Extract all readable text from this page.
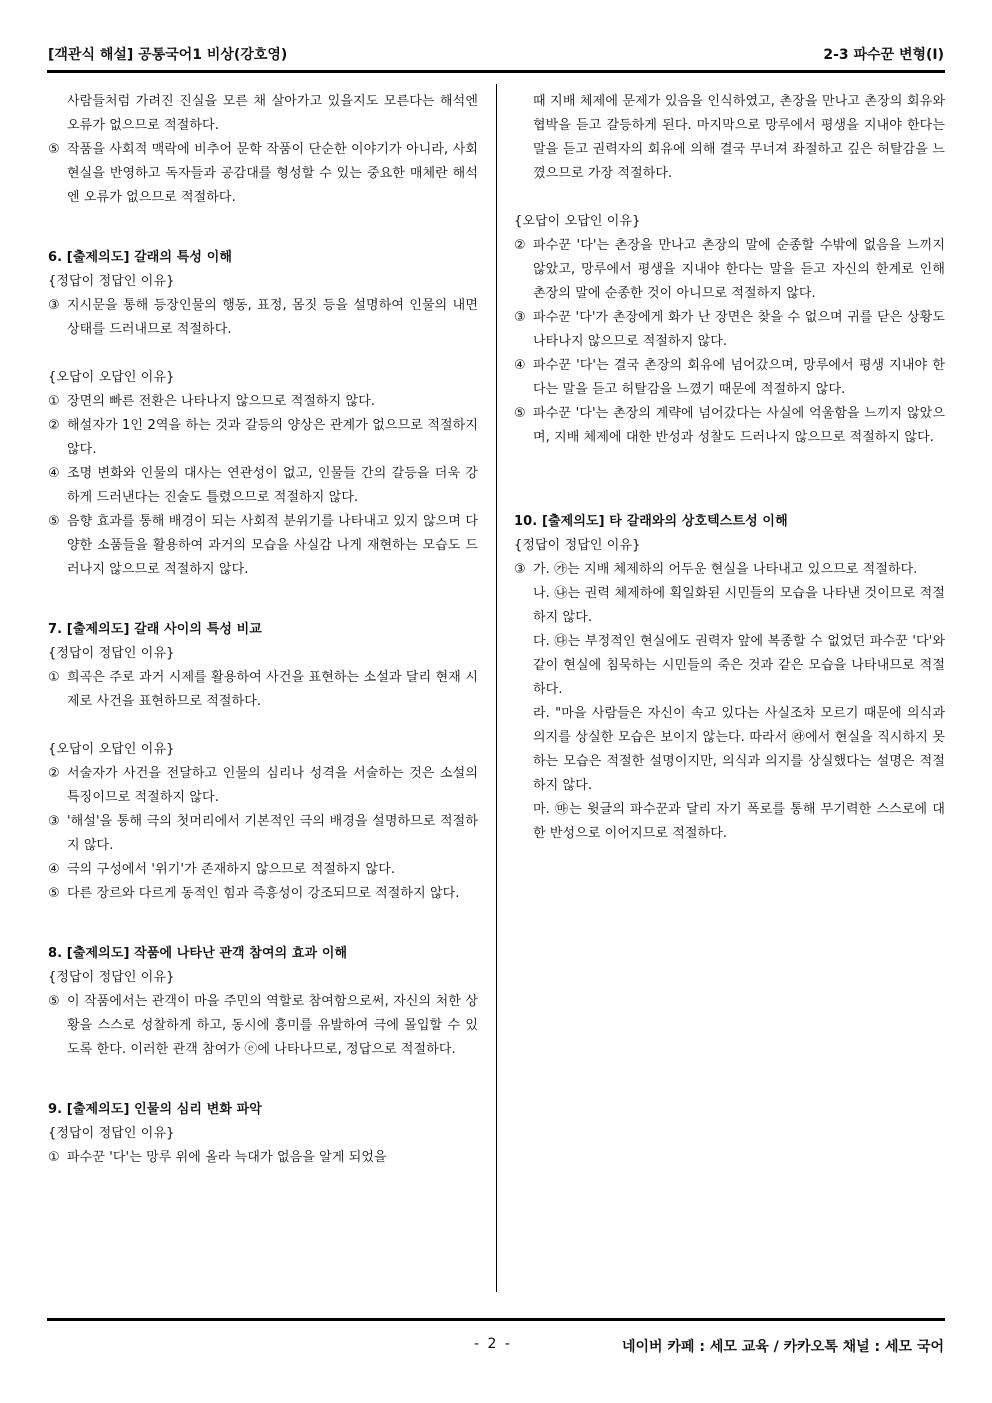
[객관식 해설] 공통국어1 비상(강호영)	2-3 파수꾼 변형(I)

사람들처럼 가려진 진실을 모른 채 살아가고 있을지도 모른다는 해석엔 오류가 없으므로 적절하다.

⑤ 작품을 사회적 맥락에 비추어 문학 작품이 단순한 이야기가 아니라, 사회 현실을 반영하고 독자들과 공감대를 형성할 수 있는 중요한 매체란 해석엔 오류가 없으므로 적절하다.

6. [출제의도] 갈래의 특성 이해

{정답이 정답인 이유}

③ 지시문을 통해 등장인물의 행동, 표정, 몸짓 등을 설명하여 인물의 내면 상태를 드러내므로 적절하다.

{오답이 오답인 이유}

① 장면의 빠른 전환은 나타나지 않으므로 적절하지 않다.
② 해설자가 1인 2역을 하는 것과 갈등의 양상은 관계가 없으므로 적절하지 않다.
④ 조명 변화와 인물의 대사는 연관성이 없고, 인물들 간의 갈등을 더욱 강하게 드러낸다는 진술도 틀렸으므로 적절하지 않다.
⑤ 음향 효과를 통해 배경이 되는 사회적 분위기를 나타내고 있지 않으며 다양한 소품들을 활용하여 과거의 모습을 사실감 나게 재현하는 모습도 드러나지 않으므로 적절하지 않다.

7. [출제의도] 갈래 사이의 특성 비교

{정답이 정답인 이유}

① 희곡은 주로 과거 시제를 활용하여 사건을 표현하는 소설과 달리 현재 시제로 사건을 표현하므로 적절하다.

{오답이 오답인 이유}

② 서술자가 사건을 전달하고 인물의 심리나 성격을 서술하는 것은 소설의 특징이므로 적절하지 않다.
③ '해설'을 통해 극의 첫머리에서 기본적인 극의 배경을 설명하므로 적절하지 않다.
④ 극의 구성에서 '위기'가 존재하지 않으므로 적절하지 않다.
⑤ 다른 장르와 다르게 동적인 힘과 즉흥성이 강조되므로 적절하지 않다.

8. [출제의도] 작품에 나타난 관객 참여의 효과 이해

{정답이 정답인 이유}

⑤ 이 작품에서는 관객이 마을 주민의 역할로 참여함으로써, 자신의 처한 상황을 스스로 성찰하게 하고, 동시에 흥미를 유발하여 극에 몰입할 수 있도록 한다. 이러한 관객 참여가 ⓔ에 나타나므로, 정답으로 적절하다.

9. [출제의도] 인물의 심리 변화 파악

{정답이 정답인 이유}

① 파수꾼 '다'는 망루 위에 올라 늑대가 없음을 알게 되었을

때 지배 체제에 문제가 있음을 인식하였고, 촌장을 만나고 촌장의 회유와 협박을 듣고 갈등하게 된다. 마지막으로 망루에서 평생을 지내야 한다는 말을 듣고 권력자의 회유에 의해 결국 무너져 좌절하고 깊은 허탈감을 느꼈으므로 가장 적절하다.

{오답이 오답인 이유}

② 파수꾼 '다'는 촌장을 만나고 촌장의 말에 순종할 수밖에 없음을 느끼지 않았고, 망루에서 평생을 지내야 한다는 말을 듣고 자신의 한계로 인해 촌장의 말에 순종한 것이 아니므로 적절하지 않다.
③ 파수꾼 '다'가 촌장에게 화가 난 장면은 찾을 수 없으며 귀를 닫은 상황도 나타나지 않으므로 적절하지 않다.
④ 파수꾼 '다'는 결국 촌장의 회유에 넘어갔으며, 망루에서 평생 지내야 한다는 말을 듣고 허탈감을 느꼈기 때문에 적절하지 않다.
⑤ 파수꾼 '다'는 촌장의 계략에 넘어갔다는 사실에 억울함을 느끼지 않았으며, 지배 체제에 대한 반성과 성찰도 드러나지 않으므로 적절하지 않다.

10. [출제의도] 타 갈래와의 상호텍스트성 이해

{정답이 정답인 이유}

③ 가. ㉮는 지배 체제하의 어두운 현실을 나타내고 있으므로 적절하다.

나. ㉯는 권력 체제하에 획일화된 시민들의 모습을 나타낸 것이므로 적절하지 않다.

다. ㉰는 부정적인 현실에도 권력자 앞에 복종할 수 없었던 파수꾼 '다'와 같이 현실에 침묵하는 시민들의 죽은 것과 같은 모습을 나타내므로 적절하다.

라. "마을 사람들은 자신이 속고 있다는 사실조차 모르기 때문에 의식과 의지를 상실한 모습은 보이지 않는다. 따라서 ㉱에서 현실을 직시하지 못하는 모습은 적절한 설명이지만, 의식과 의지를 상실했다는 설명은 적절하지 않다.

마. ㉲는 윗글의 파수꾼과 달리 자기 폭로를 통해 무기력한 스스로에 대한 반성으로 이어지므로 적절하다.

- 2 -	네이버 카페 : 세모 교육 / 카카오톡 채널 : 세모 국어
